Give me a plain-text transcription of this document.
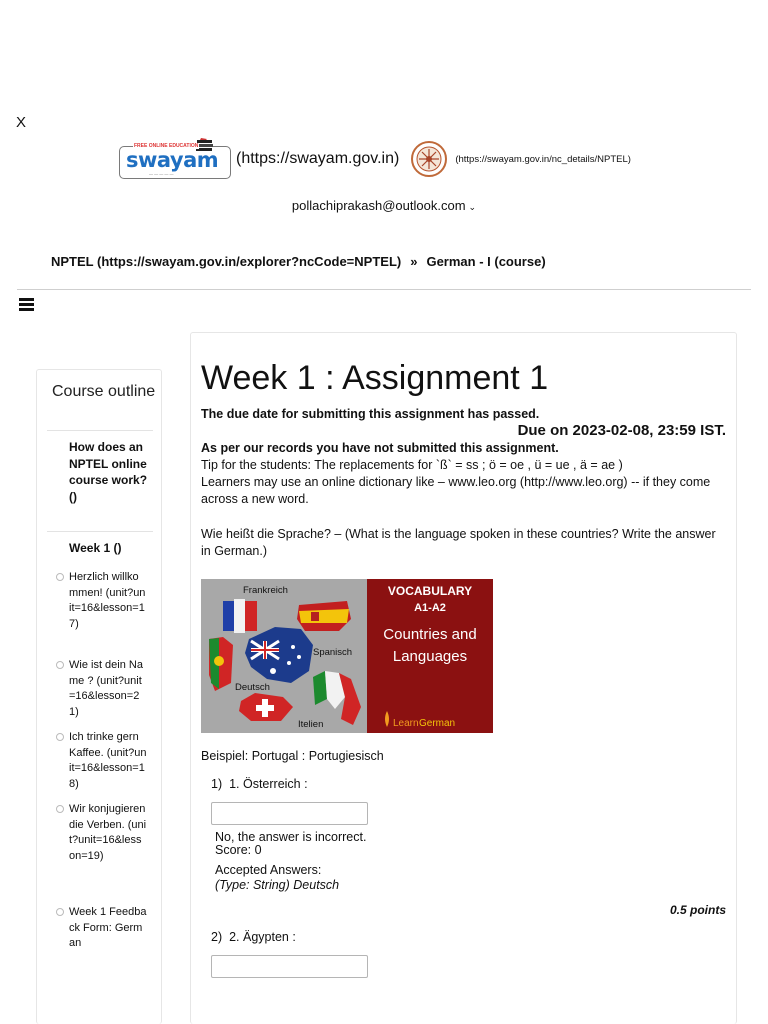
X
FREE ONLINE EDUCATION
swayam
— — — — —
(https://swayam.gov.in)	(https://swayam.gov.in/nc_details/NPTEL)
pollachiprakash@outlook.com ⌄
NPTEL (https://swayam.gov.in/explorer?ncCode=NPTEL) » German - I (course)
Course outline
How does an NPTEL online course work? ()
Week 1 ()
Herzlich willkommen! (unit?unit=16&lesson=17)
Wie ist dein Name ? (unit?unit=16&lesson=21)
Ich trinke gern Kaffee. (unit?unit=16&lesson=18)
Wir konjugieren die Verben. (unit?unit=16&lesson=19)
Week 1 Feedback Form: German
Week 1 : Assignment 1
The due date for submitting this assignment has passed.
Due on 2023-02-08, 23:59 IST.
As per our records you have not submitted this assignment.
Tip for the students: The replacements for `ß` = ss ; ö = oe , ü = ue , ä = ae )
Learners may use an online dictionary like – www.leo.org (http://www.leo.org) -- if they come across a new word.
Wie heißt die Sprache? – (What is the language spoken in these countries? Write the answer in German.)
Frankreich
Spanisch
Deutsch
Itelien
VOCABULARY
A1-A2
Countries and
Languages
Learn German
Beispiel: Portugal : Portugiesisch
1) 1. Österreich :
No, the answer is incorrect.
Score: 0
Accepted Answers:
(Type: String) Deutsch
0.5 points
2) 2. Ägypten :
